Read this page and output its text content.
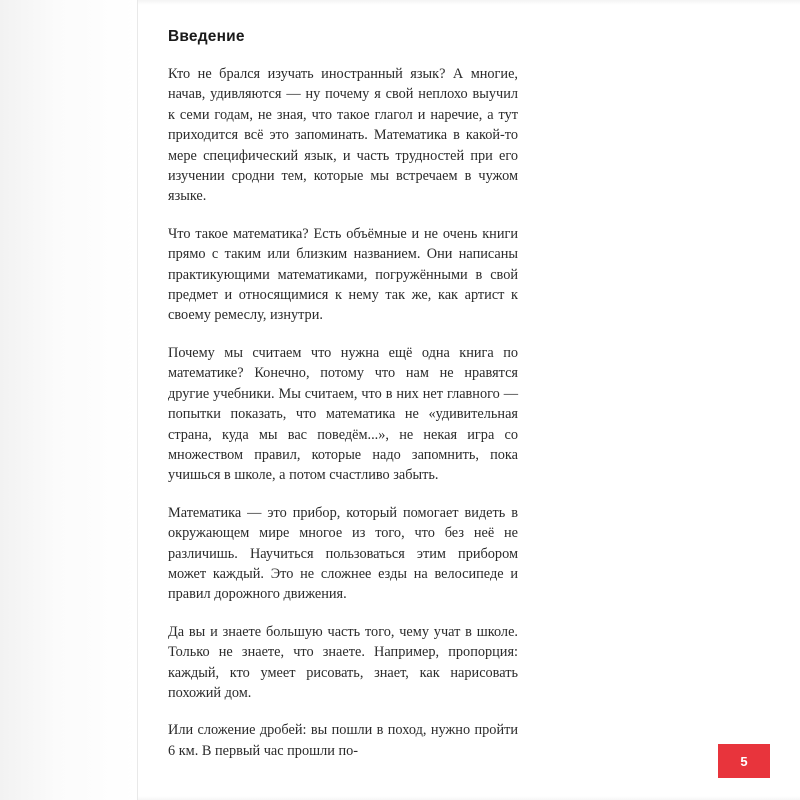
Введение

Кто не брался изучать иностранный язык? А многие, начав, удивляются — ну почему я свой неплохо выучил к семи годам, не зная, что такое глагол и наречие, а тут приходится всё это запоминать. Математика в какой-то мере специфический язык, и часть трудностей при его изучении сродни тем, которые мы встречаем в чужом языке.

Что такое математика? Есть объёмные и не очень книги прямо с таким или близким названием. Они написаны практикующими математиками, погружёнными в свой предмет и относящимися к нему так же, как артист к своему ремеслу, изнутри.

Почему мы считаем что нужна ещё одна книга по математике? Конечно, потому что нам не нравятся другие учебники. Мы считаем, что в них нет главного — попытки показать, что математика не «удивительная страна, куда мы вас поведём...», не некая игра со множеством правил, которые надо запомнить, пока учишься в школе, а потом счастливо забыть.

Математика — это прибор, который помогает видеть в окружающем мире многое из того, что без неё не различишь. Научиться пользоваться этим прибором может каждый. Это не сложнее езды на велосипеде и правил дорожного движения.

Да вы и знаете большую часть того, чему учат в школе. Только не знаете, что знаете. Например, пропорция: каждый, кто умеет рисовать, знает, как нарисовать похожий дом.

Или сложение дробей: вы пошли в поход, нужно пройти 6 км. В первый час прошли по-

5
